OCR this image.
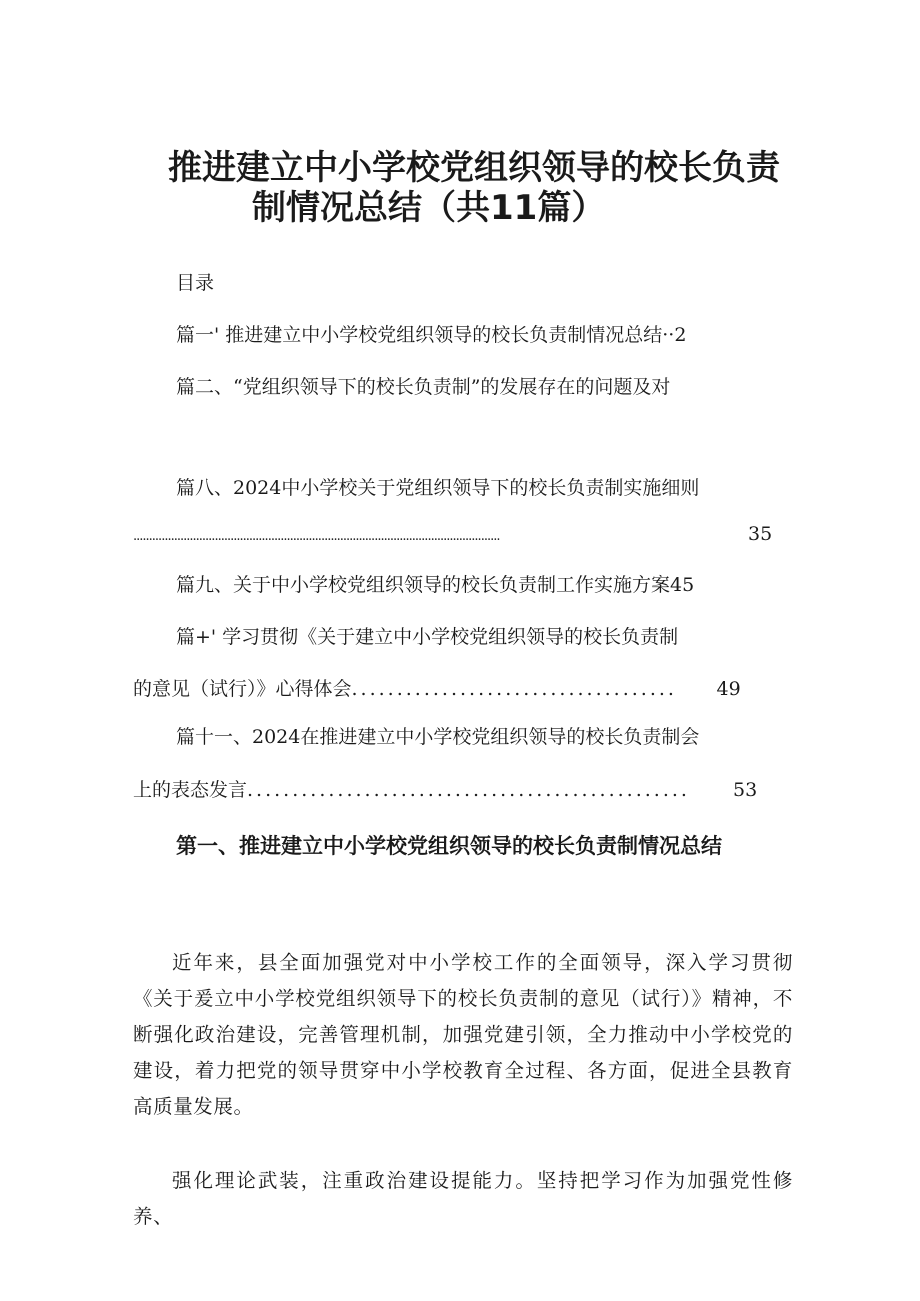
推进建立中小学校党组织领导的校长负责
制情况总结（共11篇）
目录
篇一' 推进建立中小学校党组织领导的校长负责制情况总结··2
篇二、“党组织领导下的校长负责制”的发展存在的问题及对
篇八、2024中小学校关于党组织领导下的校长负责制实施细则
.....................................................................................................................	35
篇九、关于中小学校党组织领导的校长负责制工作实施方案45
篇+' 学习贯彻《关于建立中小学校党组织领导的校长负责制
的意见（试行）》心得体会 ....................................	49
篇十一、2024在推进建立中小学校党组织领导的校长负责制会
上的表态发言 .................................................	53
第一、推进建立中小学校党组织领导的校长负责制情况总结

近年来，县全面加强党对中小学校工作的全面领导，深入学习贯彻《关于爰立中小学校党组织领导下的校长负责制的意见（试行）》精神，不断强化政治建设，完善管理机制，加强党建引领，全力推动中小学校党的建设，着力把党的领导贯穿中小学校教育全过程、各方面，促进全县教育高质量发展。

强化理论武装，注重政治建设提能力。坚持把学习作为加强党性修养、
